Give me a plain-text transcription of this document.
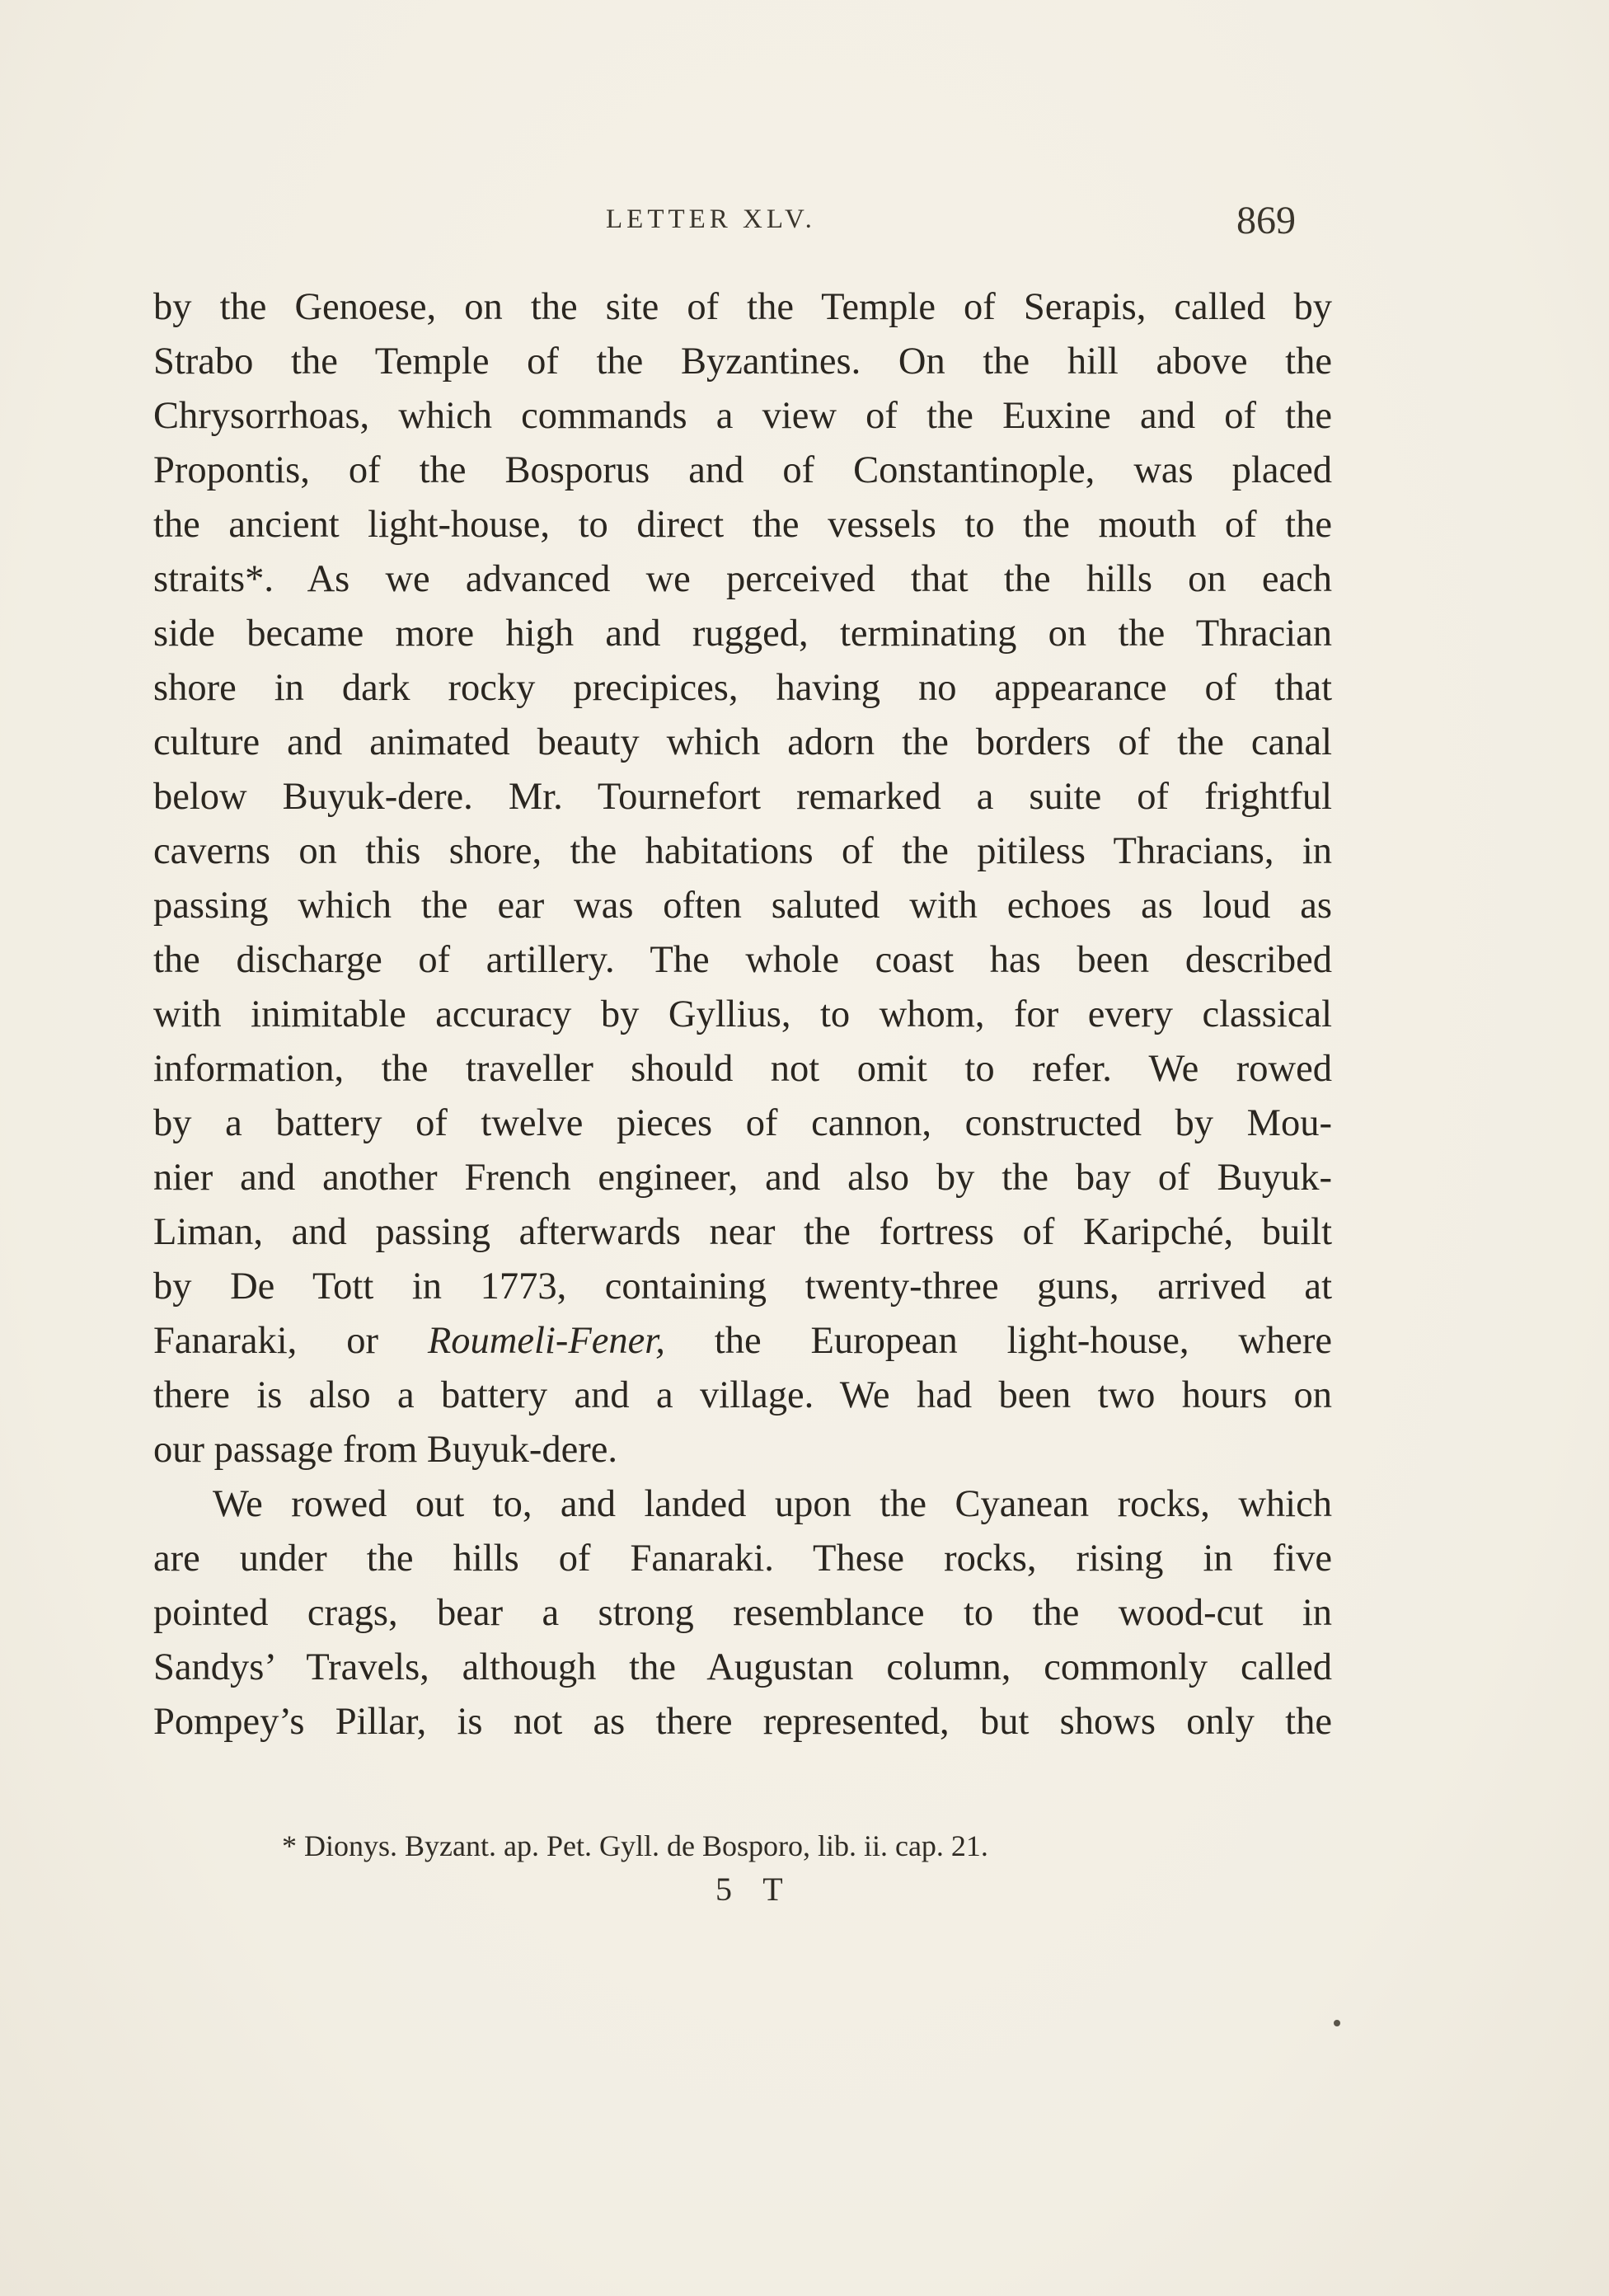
LETTER XLV.	869
by the Genoese, on the site of the Temple of Serapis, called by
Strabo the Temple of the Byzantines. On the hill above the
Chrysorrhoas, which commands a view of the Euxine and of the
Propontis, of the Bosporus and of Constantinople, was placed
the ancient light-house, to direct the vessels to the mouth of the
straits*. As we advanced we perceived that the hills on each
side became more high and rugged, terminating on the Thracian
shore in dark rocky precipices, having no appearance of that
culture and animated beauty which adorn the borders of the canal
below Buyuk-dere. Mr. Tournefort remarked a suite of frightful
caverns on this shore, the habitations of the pitiless Thracians, in
passing which the ear was often saluted with echoes as loud as
the discharge of artillery. The whole coast has been described
with inimitable accuracy by Gyllius, to whom, for every classical
information, the traveller should not omit to refer. We rowed
by a battery of twelve pieces of cannon, constructed by Mou-
nier and another French engineer, and also by the bay of Buyuk-
Liman, and passing afterwards near the fortress of Karipché, built
by De Tott in 1773, containing twenty-three guns, arrived at
Fanaraki, or Roumeli-Fener, the European light-house, where
there is also a battery and a village. We had been two hours on
our passage from Buyuk-dere.
We rowed out to, and landed upon the Cyanean rocks, which
are under the hills of Fanaraki. These rocks, rising in five
pointed crags, bear a strong resemblance to the wood-cut in
Sandys’ Travels, although the Augustan column, commonly called
Pompey’s Pillar, is not as there represented, but shows only the
* Dionys. Byzant. ap. Pet. Gyll. de Bosporo, lib. ii. cap. 21.
5 T
